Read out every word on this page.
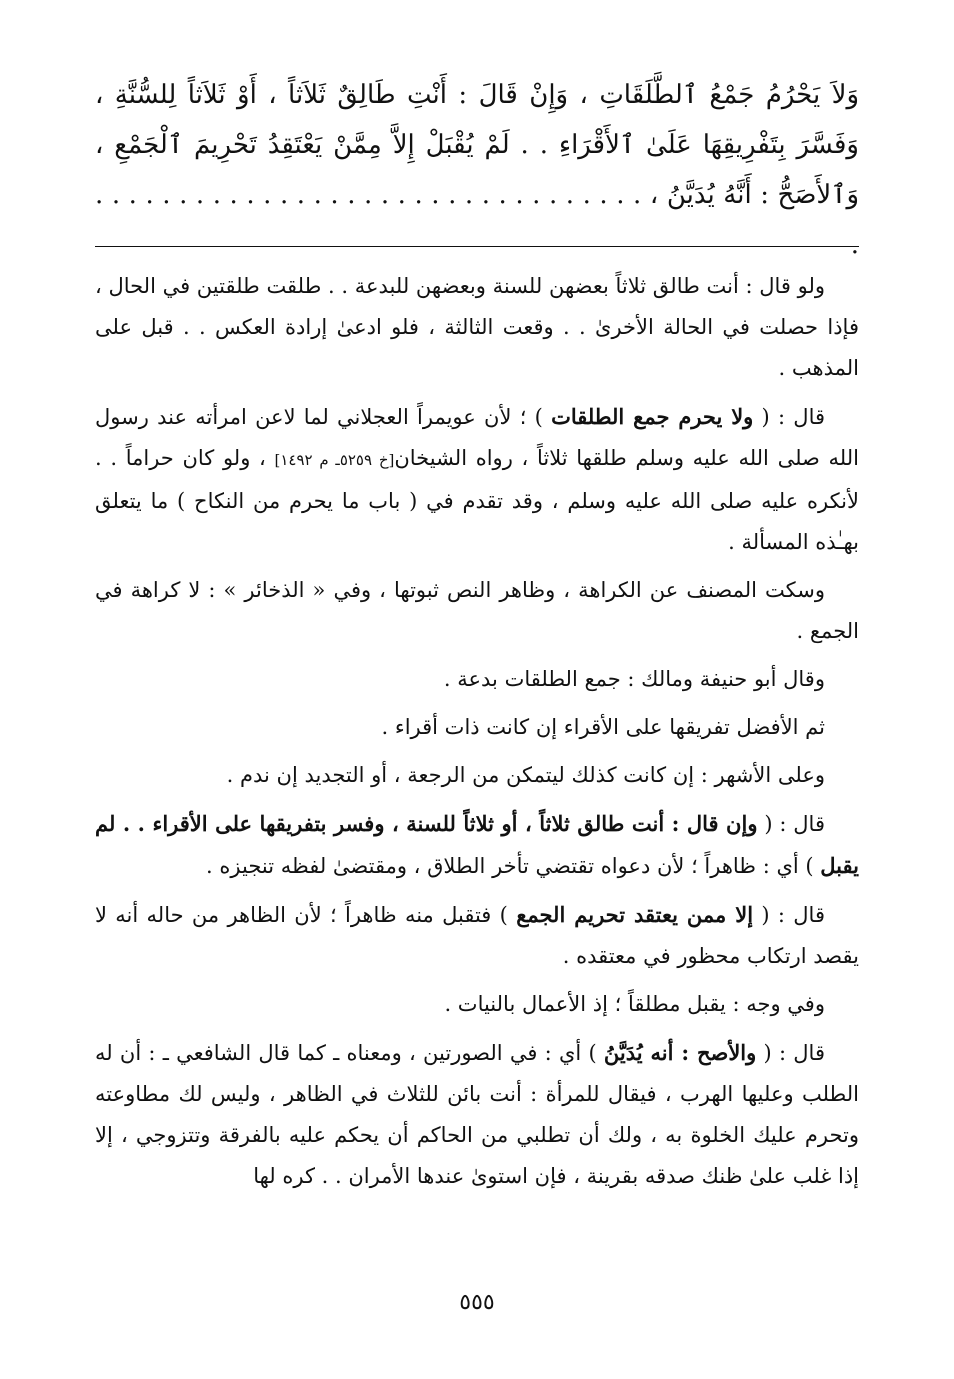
وَلاَ يَحْرُمُ جَمْعُ ٱلطَّلَقَاتِ ، وَإِنْ قَالَ : أَنْتِ طَالِقٌ ثَلاَثاً ، أَوْ ثَلاَثاً لِلسُّنَّةِ ، وَفَسَّرَ بِتَفْرِيقِهَا عَلَىٰ ٱلأَقْرَاءِ . . لَمْ يُقْبَلْ إِلاَّ مِمَّنْ يَعْتَقِدُ تَحْرِيمَ ٱلْجَمْعِ ، وَٱلأَصَحُّ : أَنَّهُ يُدَيَّنُ ، . . . . . . . . . . . . . . . . . . . . . . . . . . . . . . . . . .

ولو قال : أنت طالق ثلاثاً بعضهن للسنة وبعضهن للبدعة . . طلقت طلقتين في الحال ، فإذا حصلت في الحالة الأخرىٰ . . وقعت الثالثة ، فلو ادعىٰ إرادة العكس . . قبل على المذهب .

قال : ( ولا يحرم جمع الطلقات ) ؛ لأن عويمراً العجلاني لما لاعن امرأته عند رسول الله صلى الله عليه وسلم طلقها ثلاثاً ، رواه الشيخان[خ ٥٢٥٩ـ م ١٤٩٢] ، ولو كان حراماً . . لأنكره عليه صلى الله عليه وسلم ، وقد تقدم في ( باب ما يحرم من النكاح ) ما يتعلق بهـٰذه المسألة .

وسكت المصنف عن الكراهة ، وظاهر النص ثبوتها ، وفي « الذخائر » : لا كراهة في الجمع .

وقال أبو حنيفة ومالك : جمع الطلقات بدعة .

ثم الأفضل تفريقها على الأقراء إن كانت ذات أقراء .

وعلى الأشهر : إن كانت كذلك ليتمكن من الرجعة ، أو التجديد إن ندم .

قال : ( وإن قال : أنت طالق ثلاثاً ، أو ثلاثاً للسنة ، وفسر بتفريقها على الأقراء . . لم يقبل ) أي : ظاهراً ؛ لأن دعواه تقتضي تأخر الطلاق ، ومقتضىٰ لفظه تنجيزه .

قال : ( إلا ممن يعتقد تحريم الجمع ) فتقبل منه ظاهراً ؛ لأن الظاهر من حاله أنه لا يقصد ارتكاب محظور في معتقده .

وفي وجه : يقبل مطلقاً ؛ إذ الأعمال بالنيات .

قال : ( والأصح : أنه يُدَيَّنُ ) أي : في الصورتين ، ومعناه ـ كما قال الشافعي ـ : أن له الطلب وعليها الهرب ، فيقال للمرأة : أنت بائن للثلاث في الظاهر ، وليس لك مطاوعته وتحرم عليك الخلوة به ، ولك أن تطلبي من الحاكم أن يحكم عليه بالفرقة وتتزوجي ، إلا إذا غلب علىٰ ظنك صدقه بقرينة ، فإن استوىٰ عندها الأمران . . كره لها

٥٥٥
